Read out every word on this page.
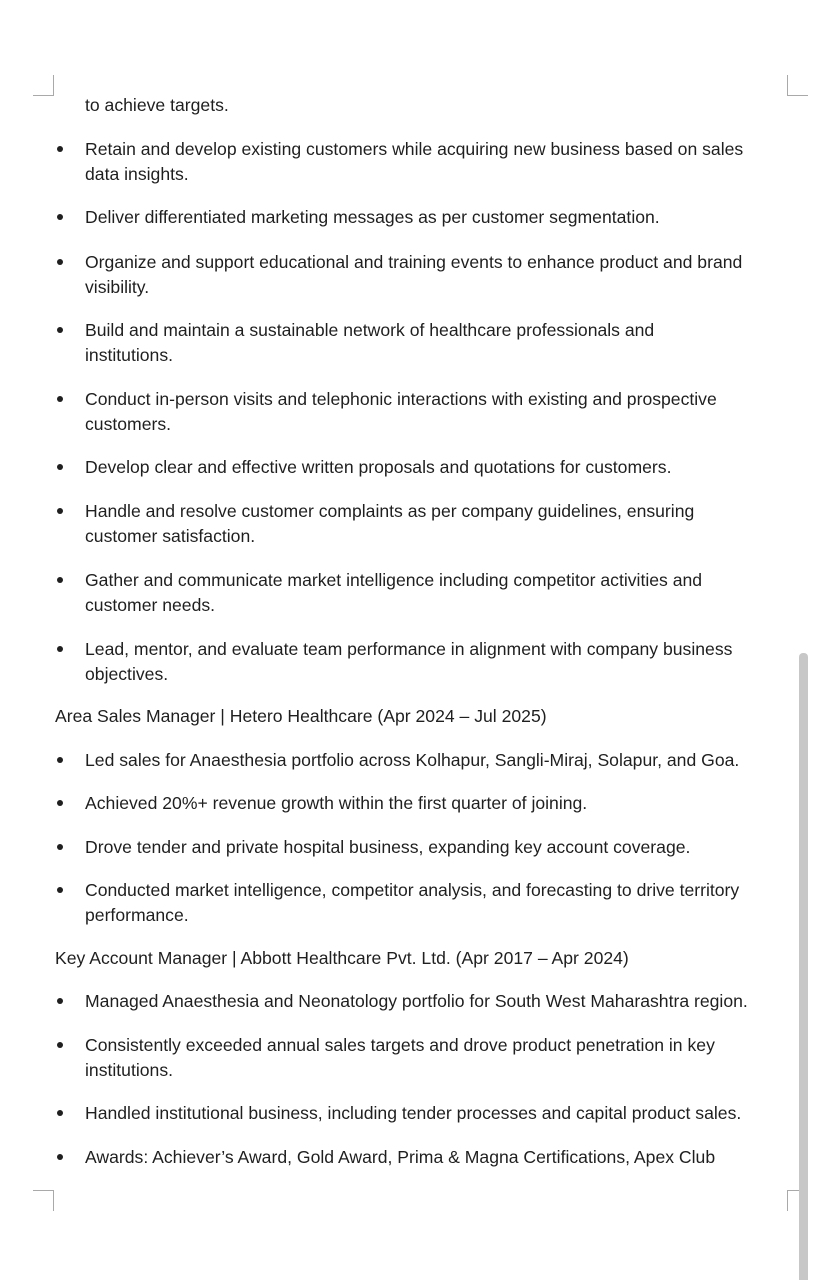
to achieve targets.
Retain and develop existing customers while acquiring new business based on sales
data insights.
Deliver differentiated marketing messages as per customer segmentation.
Organize and support educational and training events to enhance product and brand
visibility.
Build and maintain a sustainable network of healthcare professionals and
institutions.
Conduct in-person visits and telephonic interactions with existing and prospective
customers.
Develop clear and effective written proposals and quotations for customers.
Handle and resolve customer complaints as per company guidelines, ensuring
customer satisfaction.
Gather and communicate market intelligence including competitor activities and
customer needs.
Lead, mentor, and evaluate team performance in alignment with company business
objectives.
Area Sales Manager | Hetero Healthcare (Apr 2024 – Jul 2025)
Led sales for Anaesthesia portfolio across Kolhapur, Sangli-Miraj, Solapur, and Goa.
Achieved 20%+ revenue growth within the first quarter of joining.
Drove tender and private hospital business, expanding key account coverage.
Conducted market intelligence, competitor analysis, and forecasting to drive territory
performance.
Key Account Manager | Abbott Healthcare Pvt. Ltd. (Apr 2017 – Apr 2024)
Managed Anaesthesia and Neonatology portfolio for South West Maharashtra region.
Consistently exceeded annual sales targets and drove product penetration in key
institutions.
Handled institutional business, including tender processes and capital product sales.
Awards: Achiever’s Award, Gold Award, Prima & Magna Certifications, Apex Club
